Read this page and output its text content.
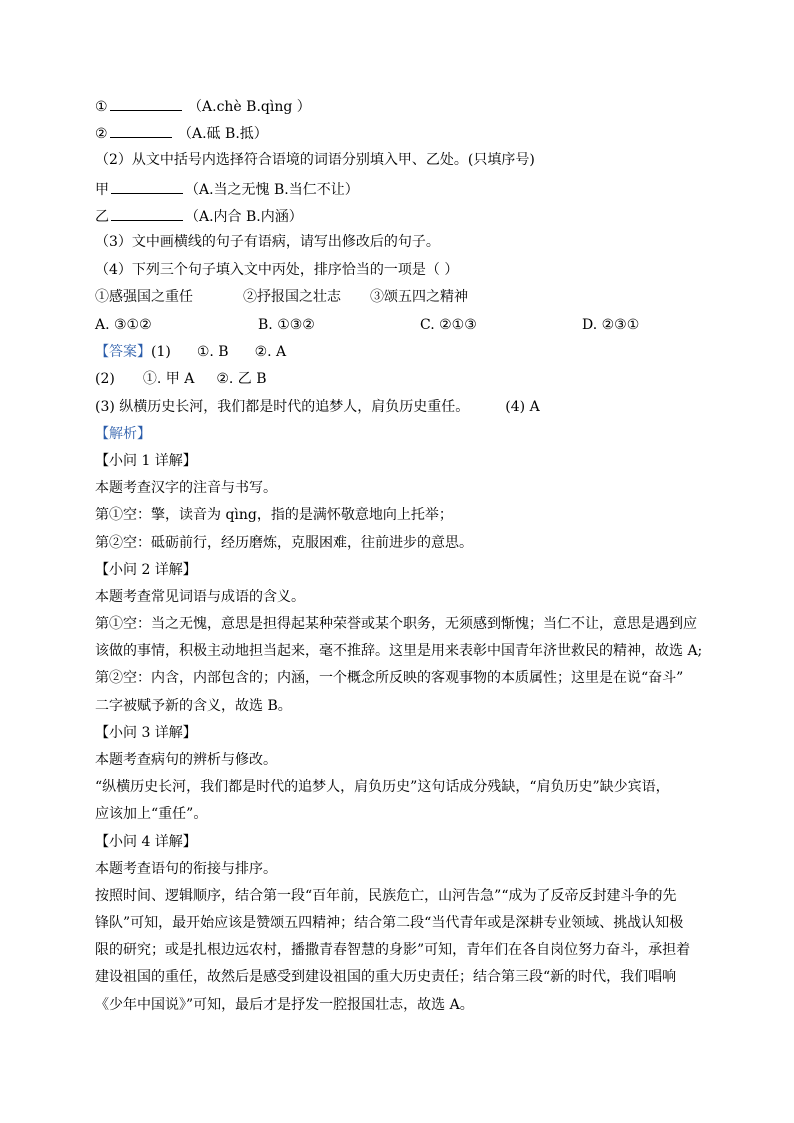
①	（A.chè B.qìng ）
②	（A.砥 B.抵）
（2）从文中括号内选择符合语境的词语分别填入甲、乙处。(只填序号)
甲	（A.当之无愧 B.当仁不让）
乙	（A.内合 B.内涵）
（3）文中画横线的句子有语病，请写出修改后的句子。
（4）下列三个句子填入文中丙处，排序恰当的一项是（ ）
①感强国之重任	②抒报国之壮志 ③颂五四之精神
A. ③①②	B. ①③②	C. ②①③	D. ②③①
【答案】(1) ①. B ②. A
(2) ①. 甲 A ②. 乙 B
(3) 纵横历史长河，我们都是时代的追梦人，肩负历史重任。	(4) A
【解析】
【小问 1 详解】
本题考查汉字的注音与书写。
第①空：擎，读音为 qìng，指的是满怀敬意地向上托举；
第②空：砥砺前行，经历磨炼，克服困难，往前进步的意思。
【小问 2 详解】
本题考查常见词语与成语的含义。
第①空：当之无愧，意思是担得起某种荣誉或某个职务，无须感到惭愧；当仁不让，意思是遇到应
该做的事情，积极主动地担当起来，毫不推辞。这里是用来表彰中国青年济世救民的精神，故选 A;
第②空：内含，内部包含的；内涵，一个概念所反映的客观事物的本质属性；这里是在说“奋斗”
二字被赋予新的含义，故选 B。
【小问 3 详解】
本题考查病句的辨析与修改。
“纵横历史长河，我们都是时代的追梦人，肩负历史”这句话成分残缺，“肩负历史”缺少宾语，
应该加上“重任”。
【小问 4 详解】
本题考查语句的衔接与排序。
按照时间、逻辑顺序，结合第一段“百年前，民族危亡，山河告急”“成为了反帝反封建斗争的先
锋队”可知，最开始应该是赞颂五四精神；结合第二段“当代青年或是深耕专业领域、挑战认知极
限的研究；或是扎根边远农村，播撒青春智慧的身影”可知，青年们在各自岗位努力奋斗，承担着
建设祖国的重任，故然后是感受到建设祖国的重大历史责任；结合第三段“新的时代，我们唱响
《少年中国说》”可知，最后才是抒发一腔报国壮志，故选 A。
